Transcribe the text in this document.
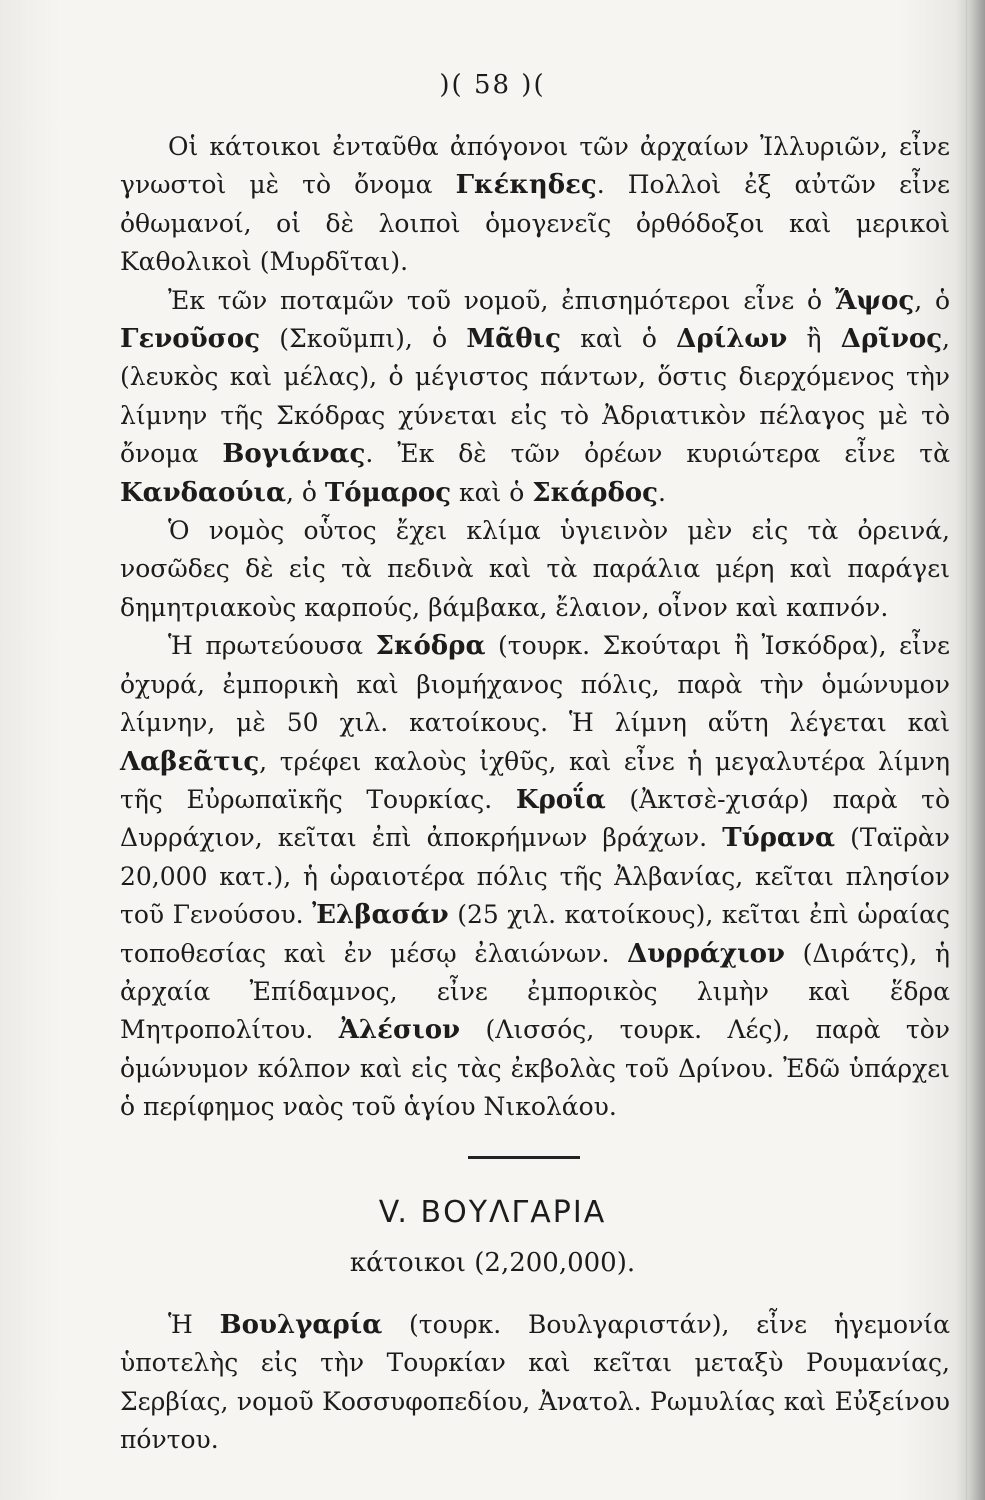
)( 58 )(

Οἱ κάτοικοι ἐνταῦθα ἀπόγονοι τῶν ἀρχαίων Ἰλλυριῶν, εἶνε γνωστοὶ μὲ τὸ ὄνομα Γκέκηδες. Πολλοὶ ἐξ αὐτῶν εἶνε ὀθωμανοί, οἱ δὲ λοιποὶ ὁμογενεῖς ὀρθόδοξοι καὶ μερικοὶ Καθολικοὶ (Μυρδῖται).

Ἐκ τῶν ποταμῶν τοῦ νομοῦ, ἐπισημότεροι εἶνε ὁ Ἄψος, ὁ Γενοῦσος (Σκοῦμπι), ὁ Μᾶθις καὶ ὁ Δρίλων ἢ Δρῖνος, (λευκὸς καὶ μέλας), ὁ μέγιστος πάντων, ὅστις διερχόμενος τὴν λίμνην τῆς Σκόδρας χύνεται εἰς τὸ Ἀδριατικὸν πέλαγος μὲ τὸ ὄνομα Βογιάνας. Ἐκ δὲ τῶν ὀρέων κυριώτερα εἶνε τὰ Κανδαούια, ὁ Τόμαρος καὶ ὁ Σκάρδος.

Ὁ νομὸς οὗτος ἔχει κλίμα ὑγιεινὸν μὲν εἰς τὰ ὀρεινά, νοσῶδες δὲ εἰς τὰ πεδινὰ καὶ τὰ παράλια μέρη καὶ παράγει δημητριακοὺς καρπούς, βάμβακα, ἔλαιον, οἶνον καὶ καπνόν.

Ἡ πρωτεύουσα Σκόδρα (τουρκ. Σκούταρι ἢ Ἰσκόδρα), εἶνε ὀχυρά, ἐμπορικὴ καὶ βιομήχανος πόλις, παρὰ τὴν ὁμώνυμον λίμνην, μὲ 50 χιλ. κατοίκους. Ἡ λίμνη αὕτη λέγεται καὶ Λαβεᾶτις, τρέφει καλοὺς ἰχθῦς, καὶ εἶνε ἡ μεγαλυτέρα λίμνη τῆς Εὐρωπαϊκῆς Τουρκίας. Κροΐα (Ἀκτσὲ-χισάρ) παρὰ τὸ Δυρράχιον, κεῖται ἐπὶ ἀποκρήμνων βράχων. Τύρανα (Ταϊρὰν 20,000 κατ.), ἡ ὡραιοτέρα πόλις τῆς Ἀλβανίας, κεῖται πλησίον τοῦ Γενούσου. Ἐλβασάν (25 χιλ. κατοίκους), κεῖται ἐπὶ ὡραίας τοποθεσίας καὶ ἐν μέσῳ ἐλαιώνων. Δυρράχιον (Διράτς), ἡ ἀρχαία Ἐπίδαμνος, εἶνε ἐμπορικὸς λιμὴν καὶ ἕδρα Μητροπολίτου. Ἀλέσιον (Λισσός, τουρκ. Λές), παρὰ τὸν ὁμώνυμον κόλπον καὶ εἰς τὰς ἐκβολὰς τοῦ Δρίνου. Ἐδῶ ὑπάρχει ὁ περίφημος ναὸς τοῦ ἁγίου Νικολάου.

V. ΒΟΥΛΓΑΡΙΑ
κάτοικοι (2,200,000).

Ἡ Βουλγαρία (τουρκ. Βουλγαριστάν), εἶνε ἡγεμονία ὑποτελὴς εἰς τὴν Τουρκίαν καὶ κεῖται μεταξὺ Ρουμανίας, Σερβίας, νομοῦ Κοσσυφοπεδίου, Ἀνατολ. Ρωμυλίας καὶ Εὐξείνου πόντου.
